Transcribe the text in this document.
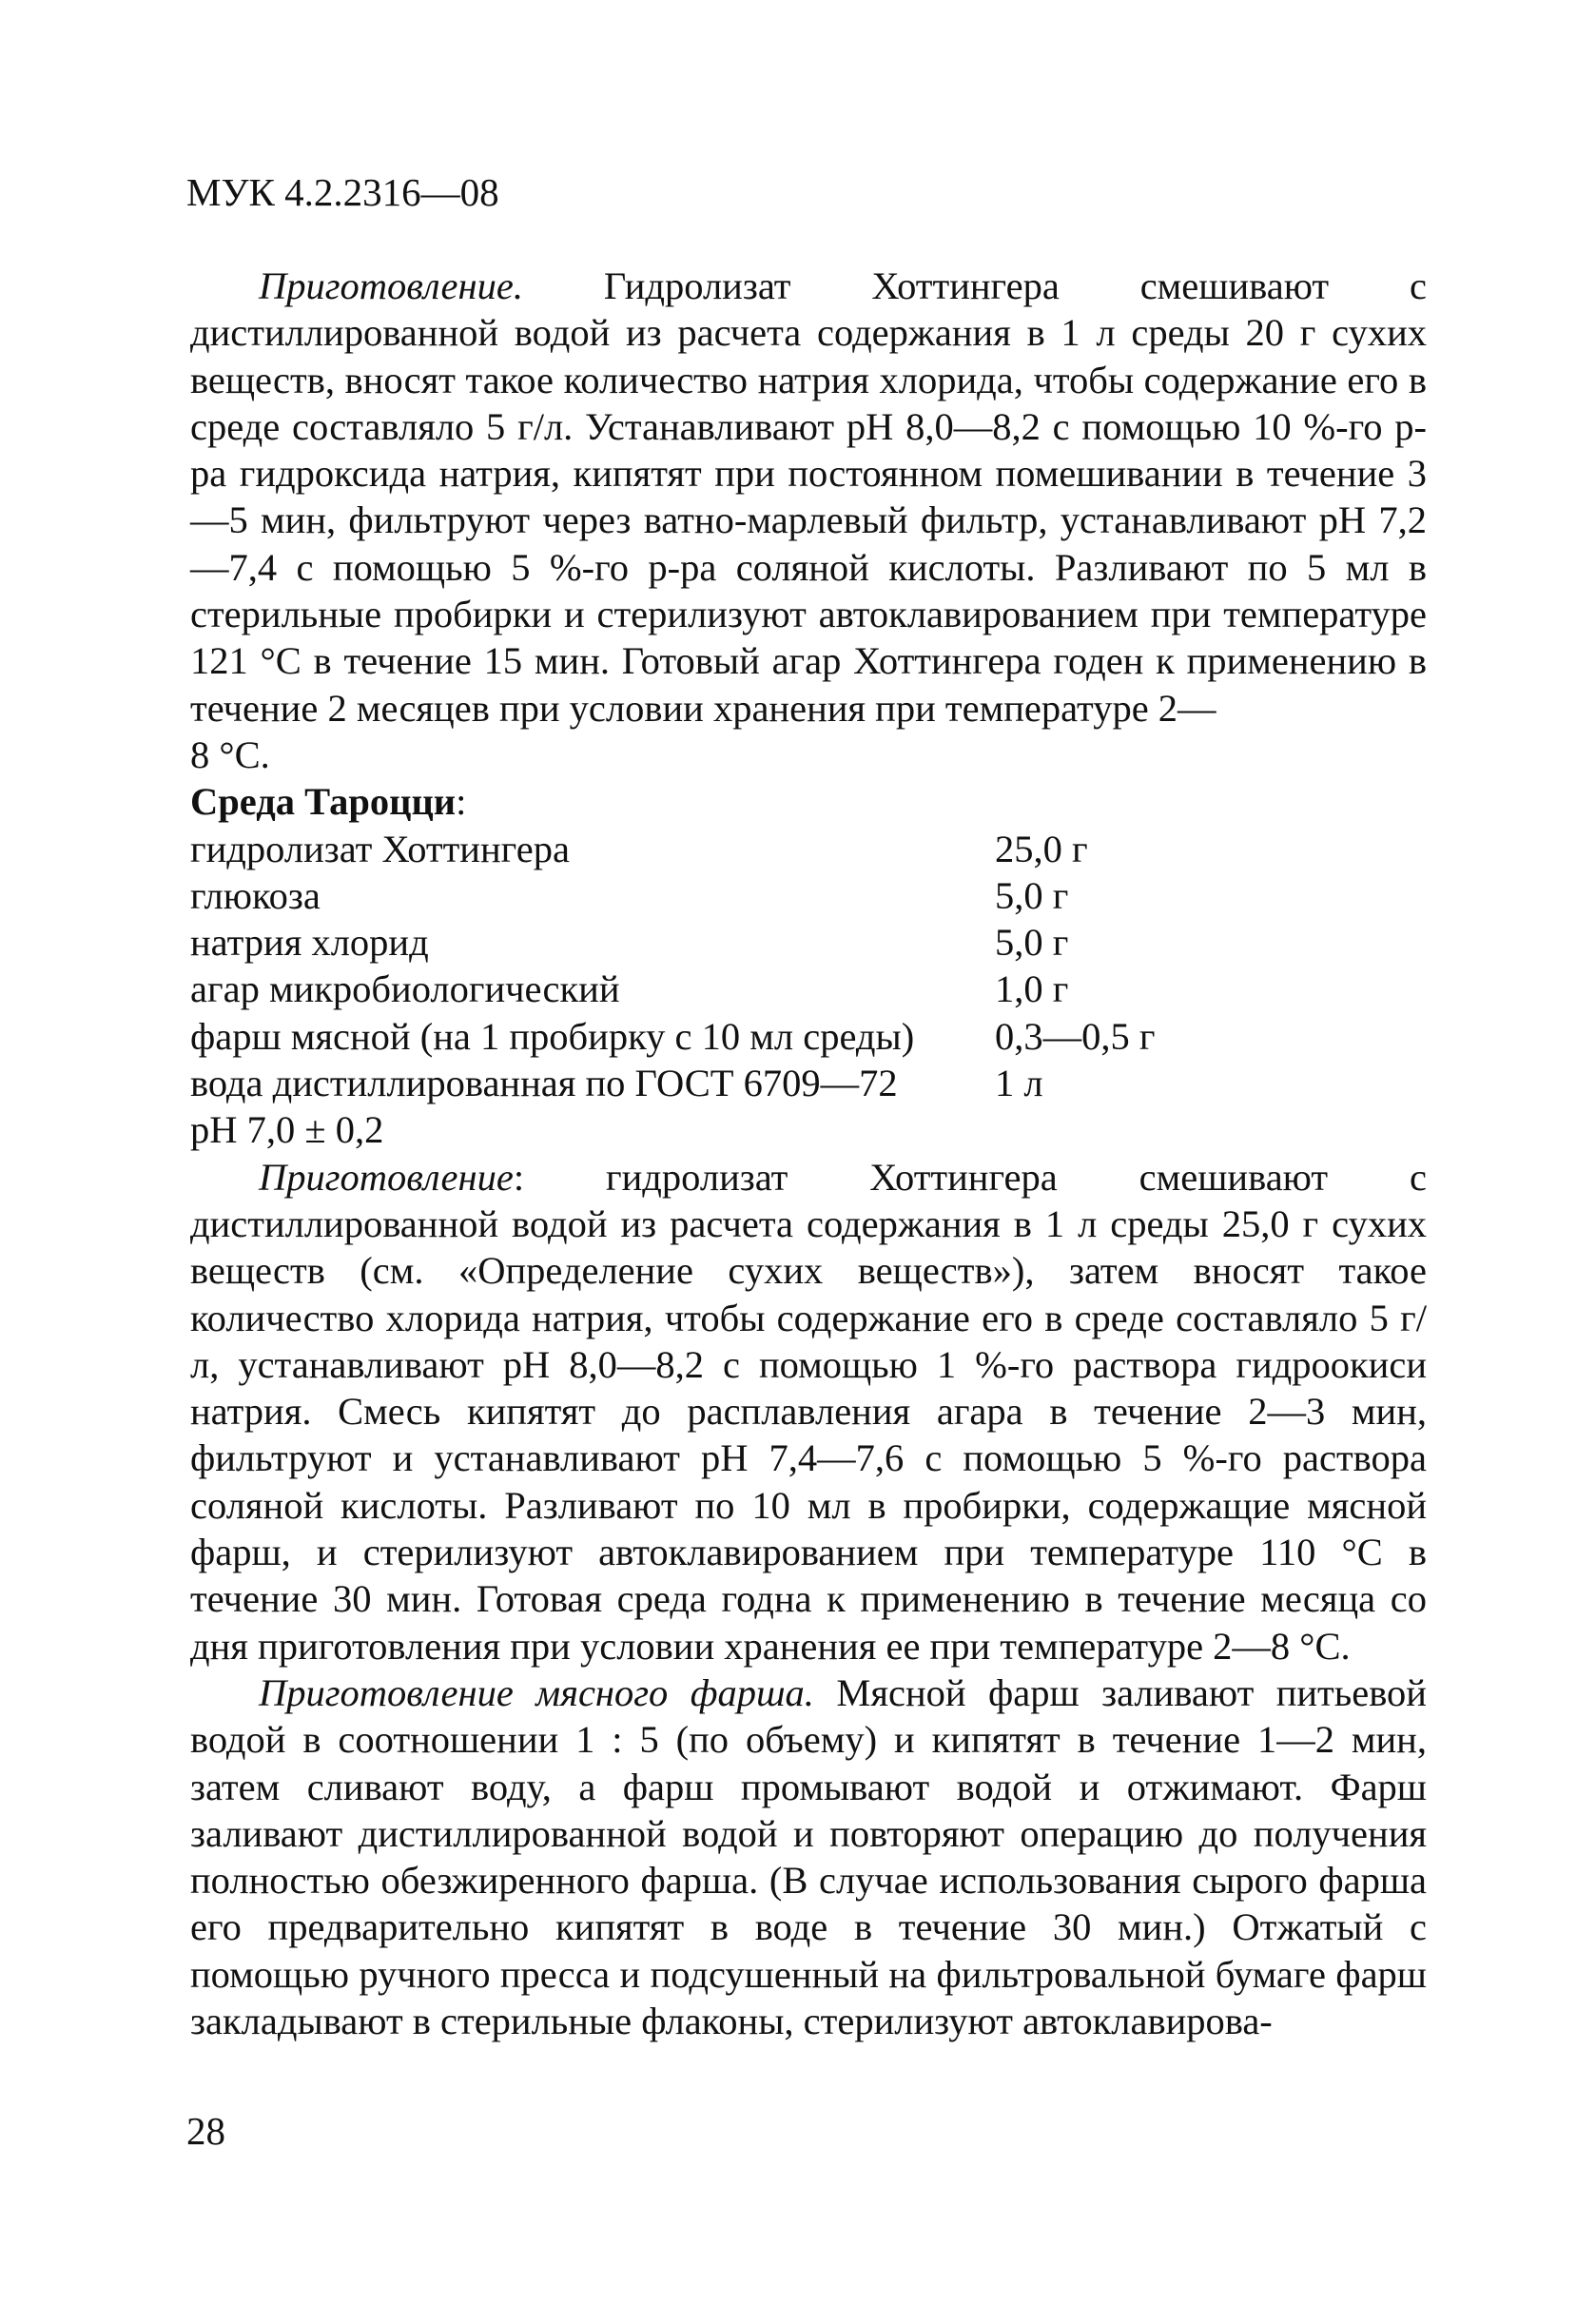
МУК 4.2.2316—08

Приготовление. Гидролизат Хоттингера смешивают с дистиллированной водой из расчета содержания в 1 л среды 20 г сухих веществ, вносят такое количество натрия хлорида, чтобы содержание его в среде составляло 5 г/л. Устанавливают рН 8,0—8,2 с помощью 10 %-го р-ра гидроксида натрия, кипятят при постоянном помешивании в течение 3—5 мин, фильтруют через ватно-марлевый фильтр, устанавливают рН 7,2—7,4 с помощью 5 %-го р-ра соляной кислоты. Разливают по 5 мл в стерильные пробирки и стерилизуют автоклавированием при температуре 121 °С в течение 15 мин. Готовый агар Хоттингера годен к применению в течение 2 месяцев при условии хранения при температуре 2—

8 °С.

Среда Тароцци:

гидролизат Хоттингера	25,0 г
глюкоза	5,0 г
натрия хлорид	5,0 г
агар микробиологический	1,0 г
фарш мясной (на 1 пробирку с 10 мл среды)	0,3—0,5 г
вода дистиллированная по ГОСТ 6709—72	1 л

рН 7,0 ± 0,2

Приготовление: гидролизат Хоттингера смешивают с дистиллированной водой из расчета содержания в 1 л среды 25,0 г сухих веществ (см. «Определение сухих веществ»), затем вносят такое количество хлорида натрия, чтобы содержание его в среде составляло 5 г/л, устанавливают рН 8,0—8,2 с помощью 1 %-го раствора гидроокиси натрия. Смесь кипятят до расплавления агара в течение 2—3 мин, фильтруют и устанавливают рН 7,4—7,6 с помощью 5 %-го раствора соляной кислоты. Разливают по 10 мл в пробирки, содержащие мясной фарш, и стерилизуют автоклавированием при температуре 110 °С в течение 30 мин. Готовая среда годна к применению в течение месяца со дня приготовления при условии хранения ее при температуре 2—8 °С.

Приготовление мясного фарша. Мясной фарш заливают питьевой водой в соотношении 1 : 5 (по объему) и кипятят в течение 1—2 мин, затем сливают воду, а фарш промывают водой и отжимают. Фарш заливают дистиллированной водой и повторяют операцию до получения полностью обезжиренного фарша. (В случае использования сырого фарша его предварительно кипятят в воде в течение 30 мин.) Отжатый с помощью ручного пресса и подсушенный на фильтровальной бумаге фарш закладывают в стерильные флаконы, стерилизуют автоклавирова-

28
